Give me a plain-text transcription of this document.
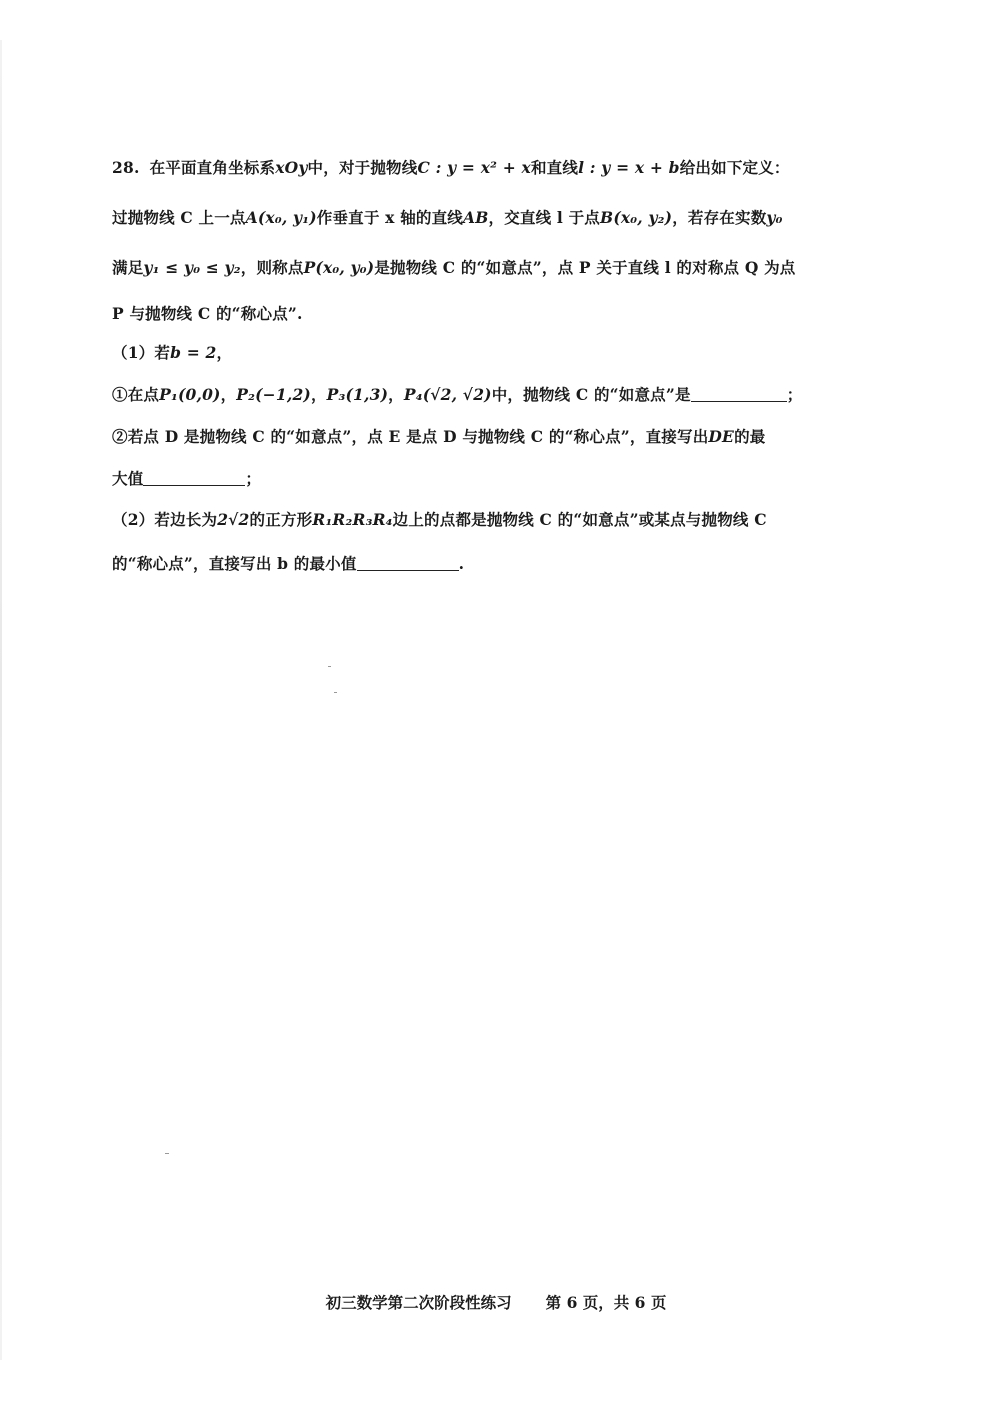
28. 在平面直角坐标系xOy中，对于抛物线C : y = x² + x和直线l : y = x + b给出如下定义：
过抛物线 C 上一点A(x₀, y₁)作垂直于 x 轴的直线AB，交直线 l 于点B(x₀, y₂)，若存在实数y₀
满足y₁ ≤ y₀ ≤ y₂，则称点P(x₀, y₀)是抛物线 C 的“如意点”，点 P 关于直线 l 的对称点 Q 为点
P 与抛物线 C 的“称心点”.
（1）若b = 2，
①在点P₁(0,0)，P₂(−1,2)，P₃(1,3)，P₄(√2, √2)中，抛物线 C 的“如意点”是	；
②若点 D 是抛物线 C 的“如意点”，点 E 是点 D 与抛物线 C 的“称心点”，直接写出DE的最
大值	；
（2）若边长为2√2的正方形R₁R₂R₃R₄边上的点都是抛物线 C 的“如意点”或某点与抛物线 C
的“称心点”，直接写出 b 的最小值	.
初三数学第二次阶段性练习 第 6 页，共 6 页
